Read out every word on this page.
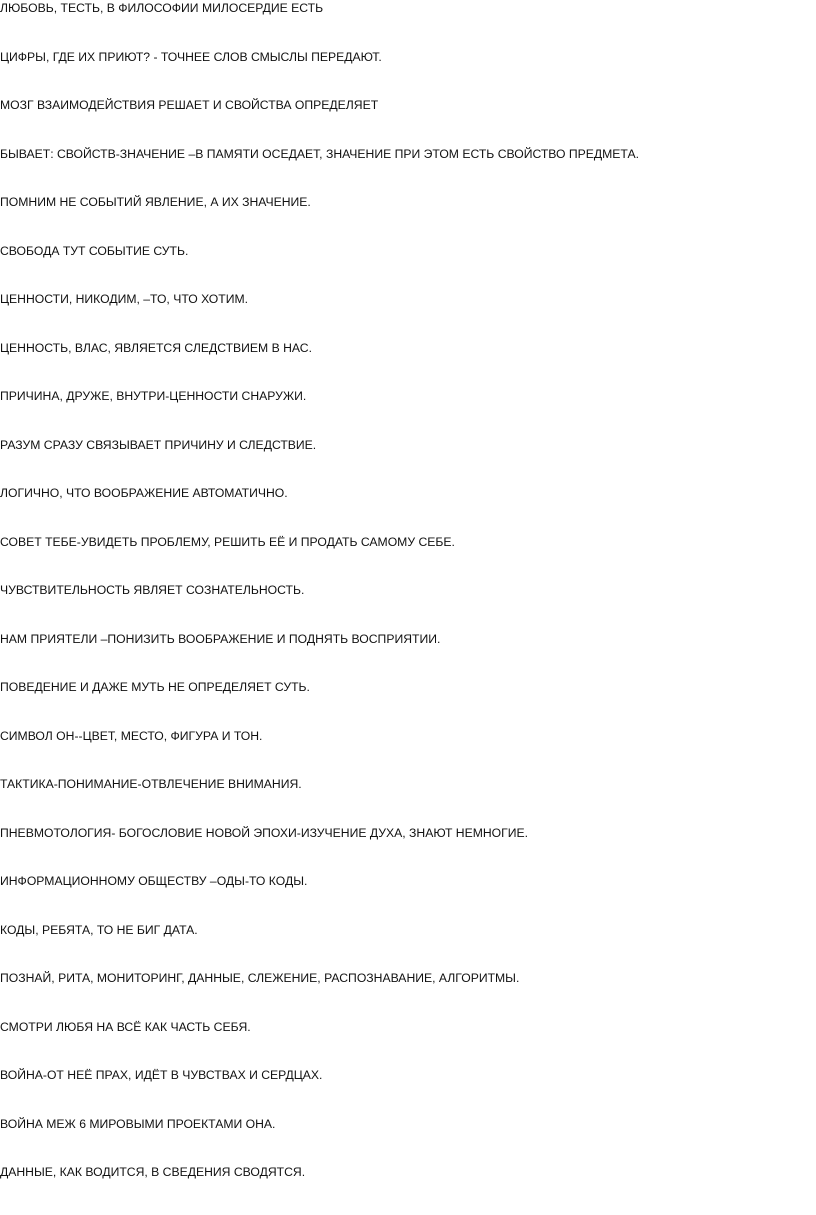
ЛЮБОВЬ, ТЕСТЬ, В ФИЛОСОФИИ МИЛОСЕРДИЕ ЕСТЬ

ЦИФРЫ, ГДЕ ИХ ПРИЮТ? - ТОЧНЕЕ СЛОВ СМЫСЛЫ ПЕРЕДАЮТ.

МОЗГ ВЗАИМОДЕЙСТВИЯ РЕШАЕТ И СВОЙСТВА ОПРЕДЕЛЯЕТ

БЫВАЕТ: СВОЙСТВ-ЗНАЧЕНИЕ –В ПАМЯТИ ОСЕДАЕТ, ЗНАЧЕНИЕ ПРИ ЭТОМ ЕСТЬ СВОЙСТВО ПРЕДМЕТА.

ПОМНИМ НЕ СОБЫТИЙ ЯВЛЕНИЕ, А ИХ ЗНАЧЕНИЕ.

СВОБОДА ТУТ СОБЫТИЕ СУТЬ.

ЦЕННОСТИ, НИКОДИМ, –ТО, ЧТО ХОТИМ.

ЦЕННОСТЬ, ВЛАС, ЯВЛЯЕТСЯ СЛЕДСТВИЕМ В НАС.

ПРИЧИНА, ДРУЖЕ, ВНУТРИ-ЦЕННОСТИ СНАРУЖИ.

РАЗУМ СРАЗУ СВЯЗЫВАЕТ ПРИЧИНУ И СЛЕДСТВИЕ.

ЛОГИЧНО, ЧТО ВООБРАЖЕНИЕ АВТОМАТИЧНО.

СОВЕТ ТЕБЕ-УВИДЕТЬ ПРОБЛЕМУ, РЕШИТЬ ЕЁ И ПРОДАТЬ САМОМУ СЕБЕ.

ЧУВСТВИТЕЛЬНОСТЬ ЯВЛЯЕТ СОЗНАТЕЛЬНОСТЬ.

НАМ ПРИЯТЕЛИ –ПОНИЗИТЬ ВООБРАЖЕНИЕ И ПОДНЯТЬ ВОСПРИЯТИИ.

ПОВЕДЕНИЕ И ДАЖЕ МУТЬ НЕ ОПРЕДЕЛЯЕТ СУТЬ.

СИМВОЛ ОН--ЦВЕТ, МЕСТО, ФИГУРА И ТОН.

ТАКТИКА-ПОНИМАНИЕ-ОТВЛЕЧЕНИЕ ВНИМАНИЯ.

ПНЕВМОТОЛОГИЯ- БОГОСЛОВИЕ НОВОЙ ЭПОХИ-ИЗУЧЕНИЕ ДУХА, ЗНАЮТ НЕМНОГИЕ.

ИНФОРМАЦИОННОМУ ОБЩЕСТВУ –ОДЫ-ТО КОДЫ.

КОДЫ, РЕБЯТА, ТО НЕ БИГ ДАТА.

ПОЗНАЙ, РИТА, МОНИТОРИНГ, ДАННЫЕ, СЛЕЖЕНИЕ, РАСПОЗНАВАНИЕ, АЛГОРИТМЫ.

СМОТРИ ЛЮБЯ НА ВСЁ КАК ЧАСТЬ СЕБЯ.

ВОЙНА-ОТ НЕЁ ПРАХ, ИДЁТ В ЧУВСТВАХ И СЕРДЦАХ.

ВОЙНА МЕЖ 6 МИРОВЫМИ ПРОЕКТАМИ ОНА.

ДАННЫЕ, КАК ВОДИТСЯ, В СВЕДЕНИЯ СВОДЯТСЯ.
